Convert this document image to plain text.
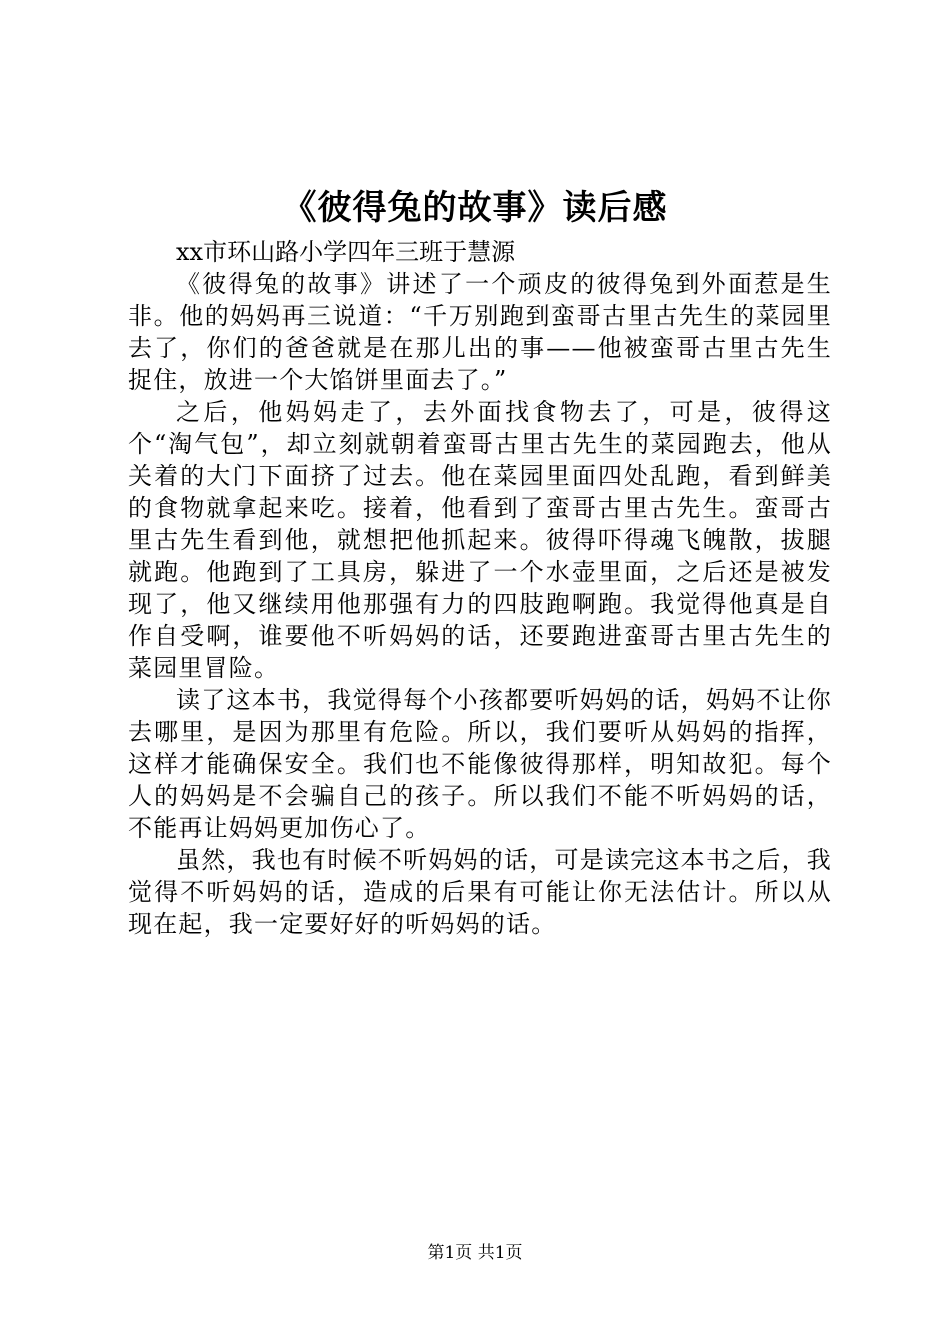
《彼得兔的故事》读后感

xx市环山路小学四年三班于慧源

《彼得兔的故事》讲述了一个顽皮的彼得兔到外面惹是生非。他的妈妈再三说道：“千万别跑到蛮哥古里古先生的菜园里去了，你们的爸爸就是在那儿出的事——他被蛮哥古里古先生捉住，放进一个大馅饼里面去了。”

之后，他妈妈走了，去外面找食物去了，可是，彼得这个“淘气包”，却立刻就朝着蛮哥古里古先生的菜园跑去，他从关着的大门下面挤了过去。他在菜园里面四处乱跑，看到鲜美的食物就拿起来吃。接着，他看到了蛮哥古里古先生。蛮哥古里古先生看到他，就想把他抓起来。彼得吓得魂飞魄散，拔腿就跑。他跑到了工具房，躲进了一个水壶里面，之后还是被发现了，他又继续用他那强有力的四肢跑啊跑。我觉得他真是自作自受啊，谁要他不听妈妈的话，还要跑进蛮哥古里古先生的菜园里冒险。

读了这本书，我觉得每个小孩都要听妈妈的话，妈妈不让你去哪里，是因为那里有危险。所以，我们要听从妈妈的指挥，这样才能确保安全。我们也不能像彼得那样，明知故犯。每个人的妈妈是不会骗自己的孩子。所以我们不能不听妈妈的话，不能再让妈妈更加伤心了。

虽然，我也有时候不听妈妈的话，可是读完这本书之后，我觉得不听妈妈的话，造成的后果有可能让你无法估计。所以从现在起，我一定要好好的听妈妈的话。

第1页 共1页
